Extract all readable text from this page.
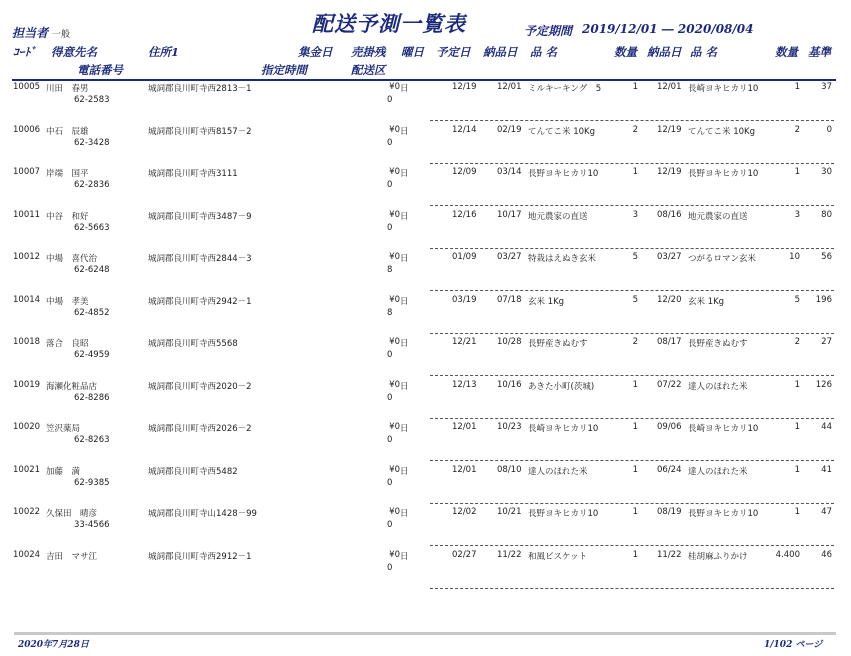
担当者 一般	配送予測一覧表	予定期間 2019/12/01 ― 2020/08/04
ｺｰﾄﾞ 得意先名	住所1	集金日 売掛残 曜日 予定日 納品日 品 名	数量 納品日 品 名	数量 基準
電話番号	指定時間	配送区
10005 川田　春男	城詞郡良川町寺西2813－1	¥0 日	12/19 12/01 ミルキーキング　5	1 12/01 長崎ヨキヒカリ10	1	37
62-2583	0
10006 中石　辰雄	城詞郡良川町寺西8157－2	¥0 日	12/14 02/19 てんてこ米 10Kg	2 12/19 てんてこ米 10Kg	2	0
62-3428	0
10007 岸端　国平	城詞郡良川町寺西3111	¥0 日	12/09 03/14 長野ヨキヒカリ10	1 12/19 長野ヨキヒカリ10	1	30
62-2836	0
10011 中谷　和好	城詞郡良川町寺西3487－9	¥0 日	12/16 10/17 地元農家の直送	3 08/16 地元農家の直送	3	80
62-5663	0
10012 中場　喜代治	城詞郡良川町寺西2844－3	¥0 日	01/09 03/27 特栽はえぬき玄米	5 03/27 つがるロマン玄米	10	56
62-6248	8
10014 中場　孝美	城詞郡良川町寺西2942－1	¥0 日	03/19 07/18 玄米 1Kg	5 12/20 玄米 1Kg	5	196
62-4852	8
10018 落合　良昭	城詞郡良川町寺西5568	¥0 日	12/21 10/28 長野産きぬむす	2 08/17 長野産きぬむす	2	27
62-4959	0
10019 海瀬化粧品店	城詞郡良川町寺西2020－2	¥0 日	12/13 10/16 あきた小町(茨城)	1 07/22 達人のほれた米	1	126
62-8286	0
10020 笠沢薬局	城詞郡良川町寺西2026－2	¥0 日	12/01 10/23 長崎ヨキヒカリ10	1 09/06 長崎ヨキヒカリ10	1	44
62-8263	0
10021 加藤　満	城詞郡良川町寺西5482	¥0 日	12/01 08/10 達人のほれた米	1 06/24 達人のほれた米	1	41
62-9385	0
10022 久保田　晴彦	城詞郡良川町寺山1428－99	¥0 日	12/02 10/21 長野ヨキヒカリ10	1 08/19 長野ヨキヒカリ10	1	47
33-4566	0
10024 吉田　マサ江	城詞郡良川町寺西2912－1	¥0 日	02/27 11/22 和風ビスケット	1 11/22 桂胡麻ふりかけ	4.400	46
0
2020年7月28日	1/102 ページ
